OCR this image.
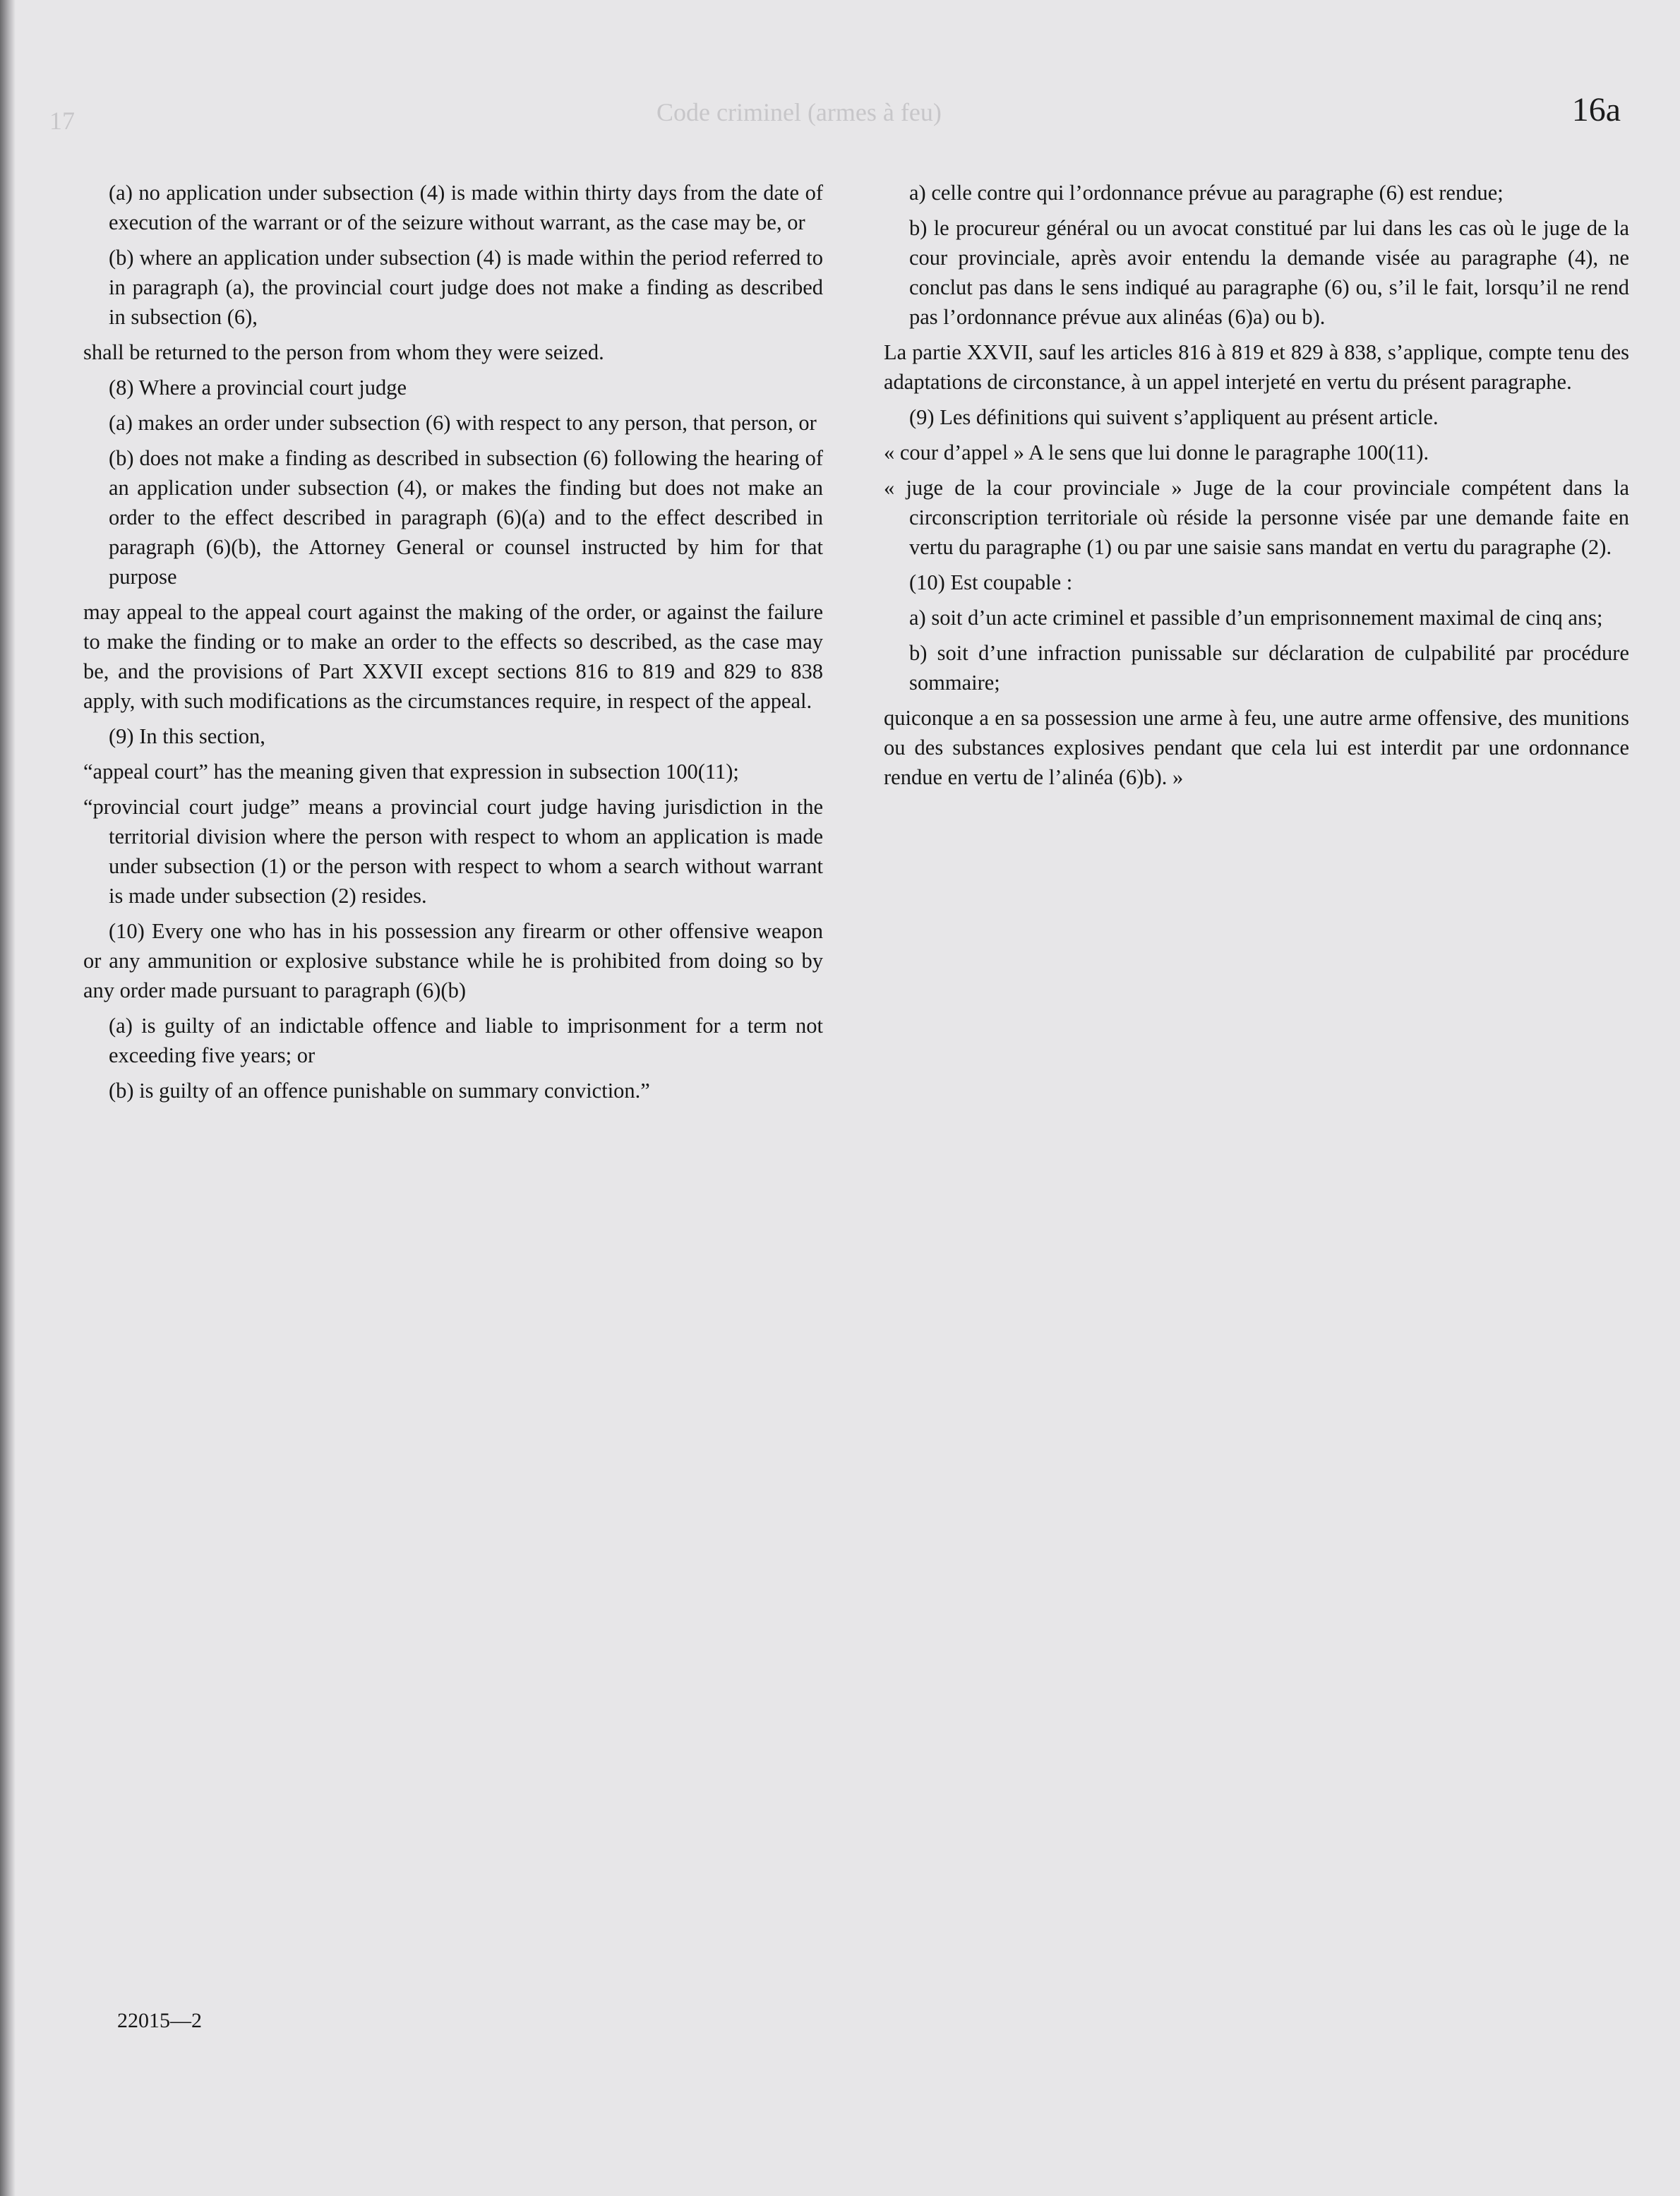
17	Code criminel (armes à feu)	16a

(a) no application under subsection (4) is made within thirty days from the date of execution of the warrant or of the seizure without warrant, as the case may be, or

(b) where an application under subsection (4) is made within the period referred to in paragraph (a), the provincial court judge does not make a finding as described in subsection (6),

shall be returned to the person from whom they were seized.

(8) Where a provincial court judge

(a) makes an order under subsection (6) with respect to any person, that person, or

(b) does not make a finding as described in subsection (6) following the hearing of an application under subsection (4), or makes the finding but does not make an order to the effect described in paragraph (6)(a) and to the effect described in paragraph (6)(b), the Attorney General or counsel instructed by him for that purpose

may appeal to the appeal court against the making of the order, or against the failure to make the finding or to make an order to the effects so described, as the case may be, and the provisions of Part XXVII except sections 816 to 819 and 829 to 838 apply, with such modifications as the circumstances require, in respect of the appeal.

(9) In this section,

“appeal court” has the meaning given that expression in subsection 100(11);

“provincial court judge” means a provincial court judge having jurisdiction in the territorial division where the person with respect to whom an application is made under subsection (1) or the person with respect to whom a search without warrant is made under subsection (2) resides.

(10) Every one who has in his possession any firearm or other offensive weapon or any ammunition or explosive substance while he is prohibited from doing so by any order made pursuant to paragraph (6)(b)

(a) is guilty of an indictable offence and liable to imprisonment for a term not exceeding five years; or

(b) is guilty of an offence punishable on summary conviction.”

a) celle contre qui l’ordonnance prévue au paragraphe (6) est rendue;

b) le procureur général ou un avocat constitué par lui dans les cas où le juge de la cour provinciale, après avoir entendu la demande visée au paragraphe (4), ne conclut pas dans le sens indiqué au paragraphe (6) ou, s’il le fait, lorsqu’il ne rend pas l’ordonnance prévue aux alinéas (6)a) ou b).

La partie XXVII, sauf les articles 816 à 819 et 829 à 838, s’applique, compte tenu des adaptations de circonstance, à un appel interjeté en vertu du présent paragraphe.

(9) Les définitions qui suivent s’appliquent au présent article.

« cour d’appel » A le sens que lui donne le paragraphe 100(11).

« juge de la cour provinciale » Juge de la cour provinciale compétent dans la circonscription territoriale où réside la personne visée par une demande faite en vertu du paragraphe (1) ou par une saisie sans mandat en vertu du paragraphe (2).

(10) Est coupable :

a) soit d’un acte criminel et passible d’un emprisonnement maximal de cinq ans;

b) soit d’une infraction punissable sur déclaration de culpabilité par procédure sommaire;

quiconque a en sa possession une arme à feu, une autre arme offensive, des munitions ou des substances explosives pendant que cela lui est interdit par une ordonnance rendue en vertu de l’alinéa (6)b). »

22015—2
